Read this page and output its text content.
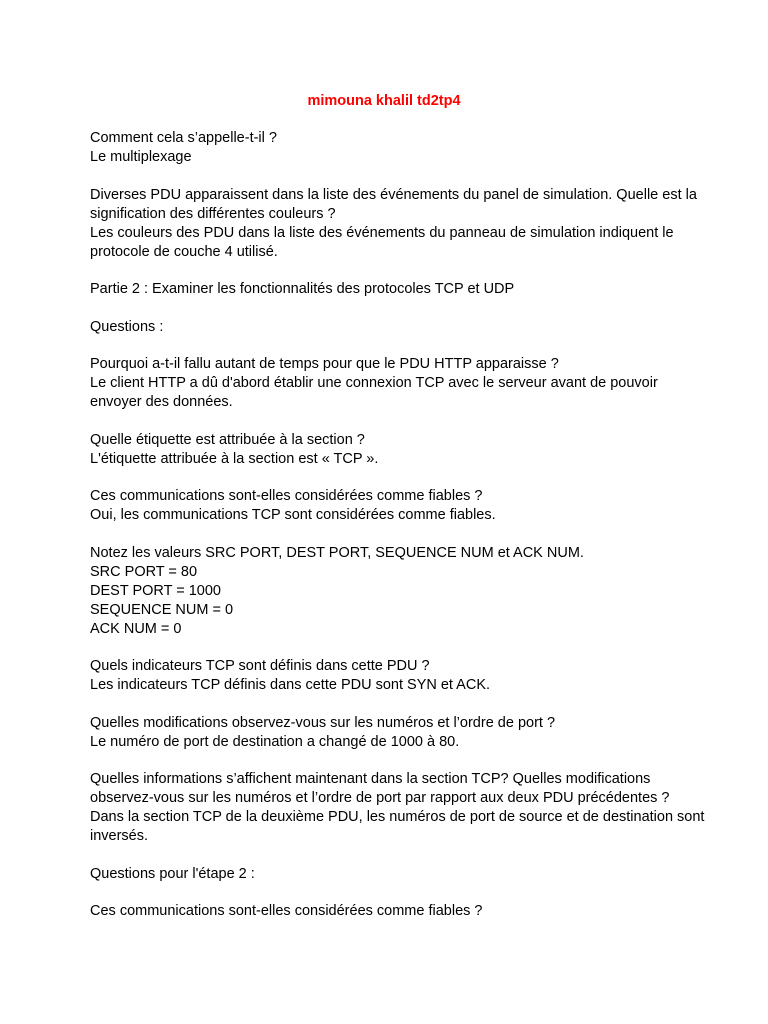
mimouna khalil td2tp4

Comment cela s’appelle-t-il ?
Le multiplexage

Diverses PDU apparaissent dans la liste des événements du panel de simulation. Quelle est la
signification des différentes couleurs ?
Les couleurs des PDU dans la liste des événements du panneau de simulation indiquent le
protocole de couche 4 utilisé.

Partie 2 : Examiner les fonctionnalités des protocoles TCP et UDP

Questions :

Pourquoi a-t-il fallu autant de temps pour que le PDU HTTP apparaisse ?
Le client HTTP a dû d'abord établir une connexion TCP avec le serveur avant de pouvoir
envoyer des données.

Quelle étiquette est attribuée à la section ?
L'étiquette attribuée à la section est « TCP ».

Ces communications sont-elles considérées comme fiables ?
Oui, les communications TCP sont considérées comme fiables.

Notez les valeurs SRC PORT, DEST PORT, SEQUENCE NUM et ACK NUM.
SRC PORT = 80
DEST PORT = 1000
SEQUENCE NUM = 0
ACK NUM = 0

Quels indicateurs TCP sont définis dans cette PDU ?
Les indicateurs TCP définis dans cette PDU sont SYN et ACK.

Quelles modifications observez-vous sur les numéros et l’ordre de port ?
Le numéro de port de destination a changé de 1000 à 80.

Quelles informations s’affichent maintenant dans la section TCP? Quelles modifications
observez-vous sur les numéros et l’ordre de port par rapport aux deux PDU précédentes ?
Dans la section TCP de la deuxième PDU, les numéros de port de source et de destination sont
inversés.

Questions pour l'étape 2 :

Ces communications sont-elles considérées comme fiables ?
